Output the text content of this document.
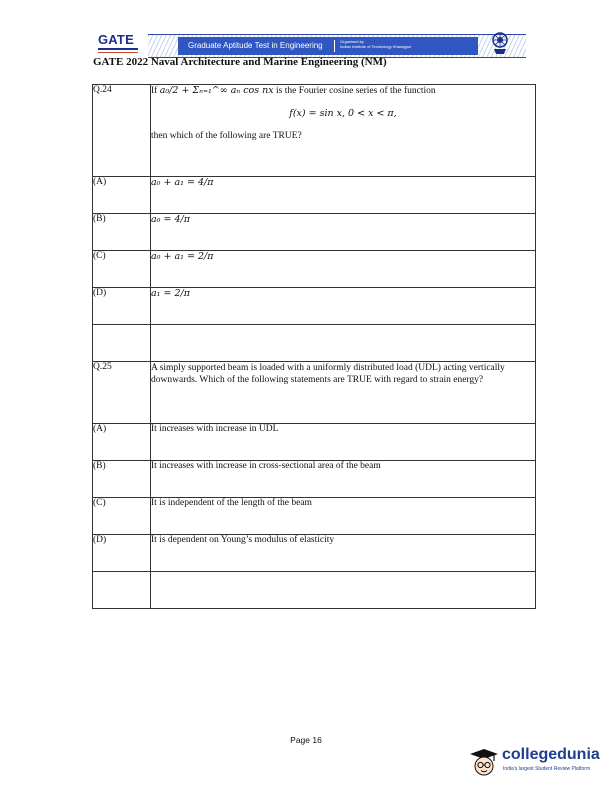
GATE	Graduate Aptitude Test in Engineering	Organised by
Indian Institute of Technology Kharagpur
GATE 2022 Naval Architecture and Marine Engineering (NM)
Q.24	If a₀/2 + Σₙ₌₁^∞ aₙ cos nx is the Fourier cosine series of the function
f(x) = sin x, 0 < x < π,
then which of the following are TRUE?

(A)	a₀ + a₁ = 4/π
(B)	a₀ = 4/π
(C)	a₀ + a₁ = 2/π
(D)	a₁ = 2/π

Q.25	A simply supported beam is loaded with a uniformly distributed load (UDL) acting vertically downwards. Which of the following statements are TRUE with regard to strain energy?
(A)	It increases with increase in UDL
(B)	It increases with increase in cross-sectional area of the beam
(C)	It is independent of the length of the beam
(D)	It is dependent on Young’s modulus of elasticity

Page 16
collegedunia
India's largest Student Review Platform
